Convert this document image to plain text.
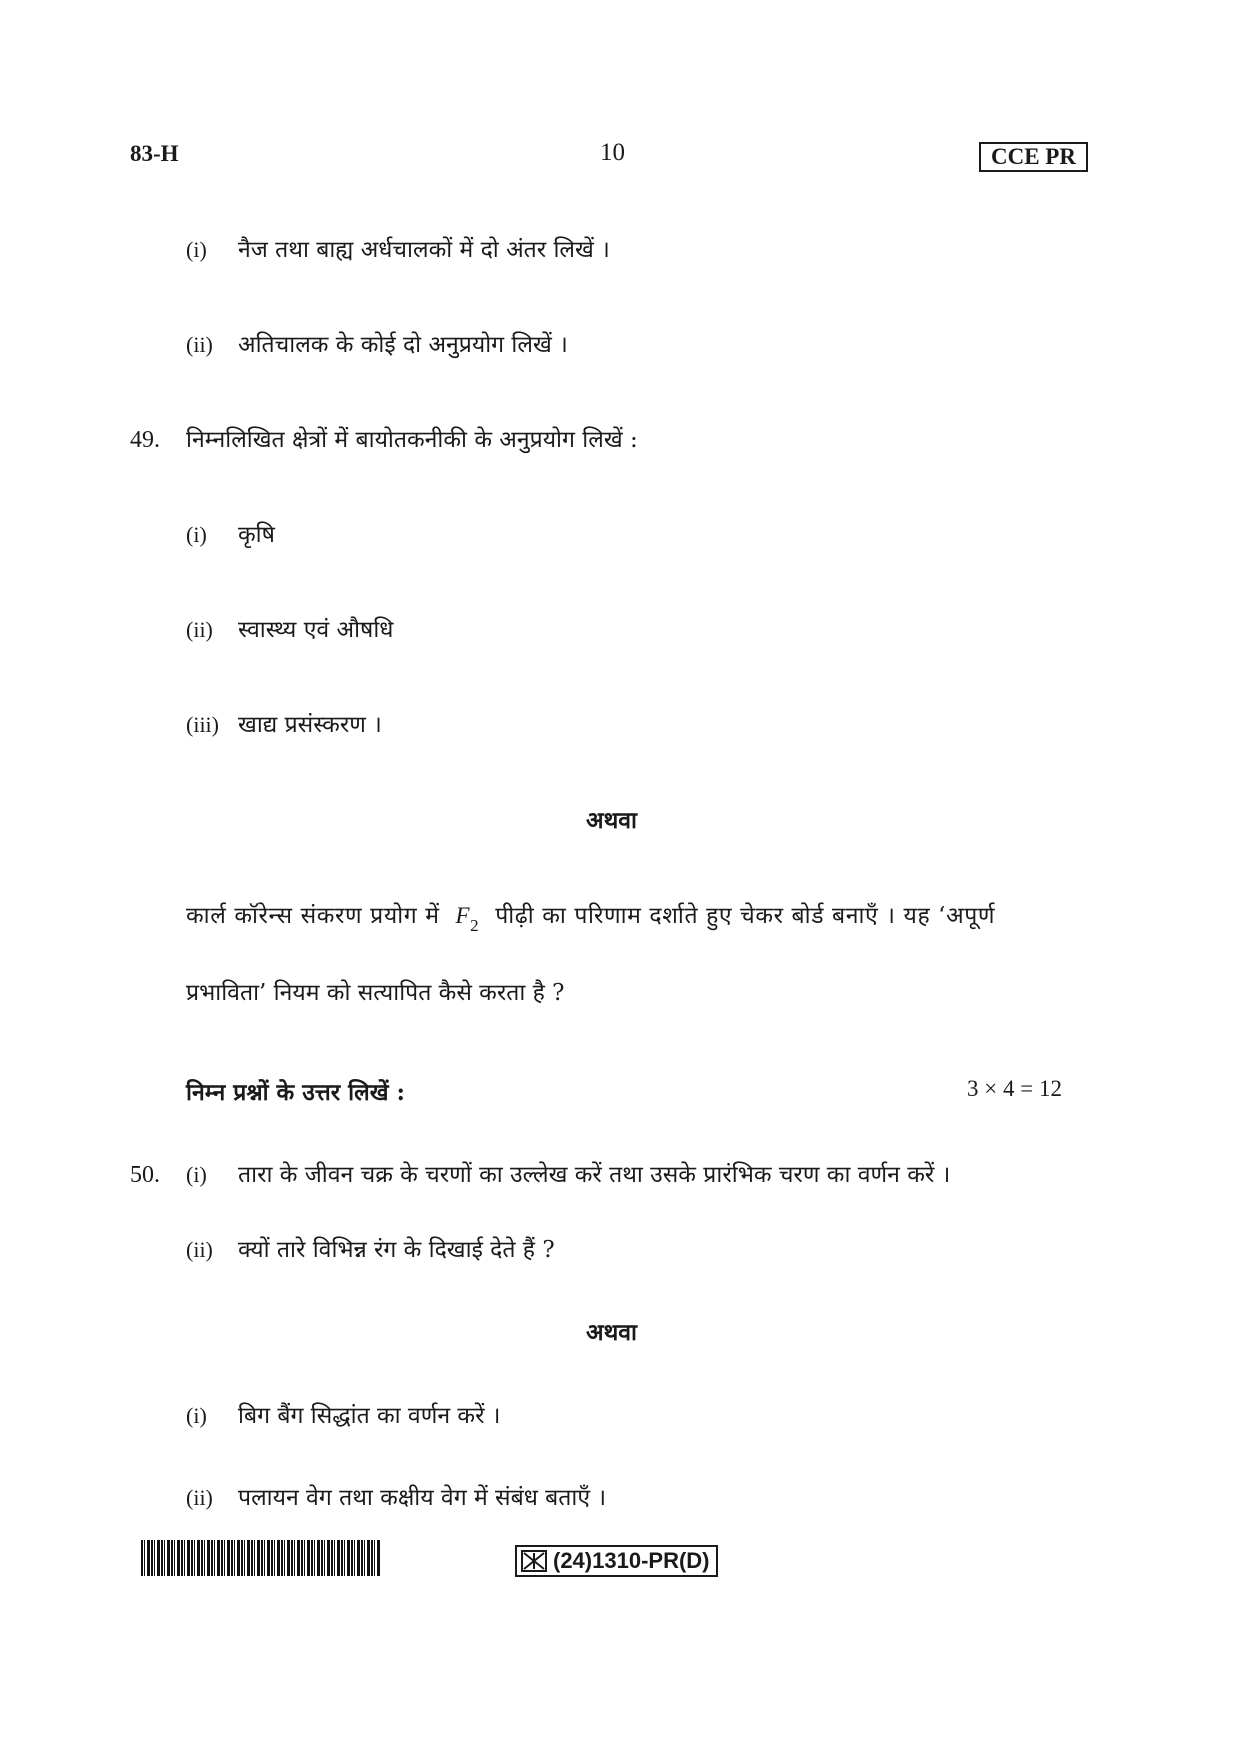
83-H	10	CCE PR
(i) नैज तथा बाह्य अर्धचालकों में दो अंतर लिखें ।
(ii) अतिचालक के कोई दो अनुप्रयोग लिखें ।
49. निम्नलिखित क्षेत्रों में बायोतकनीकी के अनुप्रयोग लिखें :
(i) कृषि
(ii) स्वास्थ्य एवं औषधि
(iii) खाद्य प्रसंस्करण ।
अथवा
कार्ल कॉरेन्स संकरण प्रयोग में $F_2$ पीढ़ी का परिणाम दर्शाते हुए चेकर बोर्ड बनाएँ । यह ‘अपूर्ण
प्रभाविता’ नियम को सत्यापित कैसे करता है ?
निम्न प्रश्नों के उत्तर लिखें :	3 × 4 = 12
50. (i) तारा के जीवन चक्र के चरणों का उल्लेख करें तथा उसके प्रारंभिक चरण का वर्णन करें ।
(ii) क्यों तारे विभिन्न रंग के दिखाई देते हैं ?
अथवा
(i) बिग बैंग सिद्धांत का वर्णन करें ।
(ii) पलायन वेग तथा कक्षीय वेग में संबंध बताएँ ।
(24)1310-PR(D)
